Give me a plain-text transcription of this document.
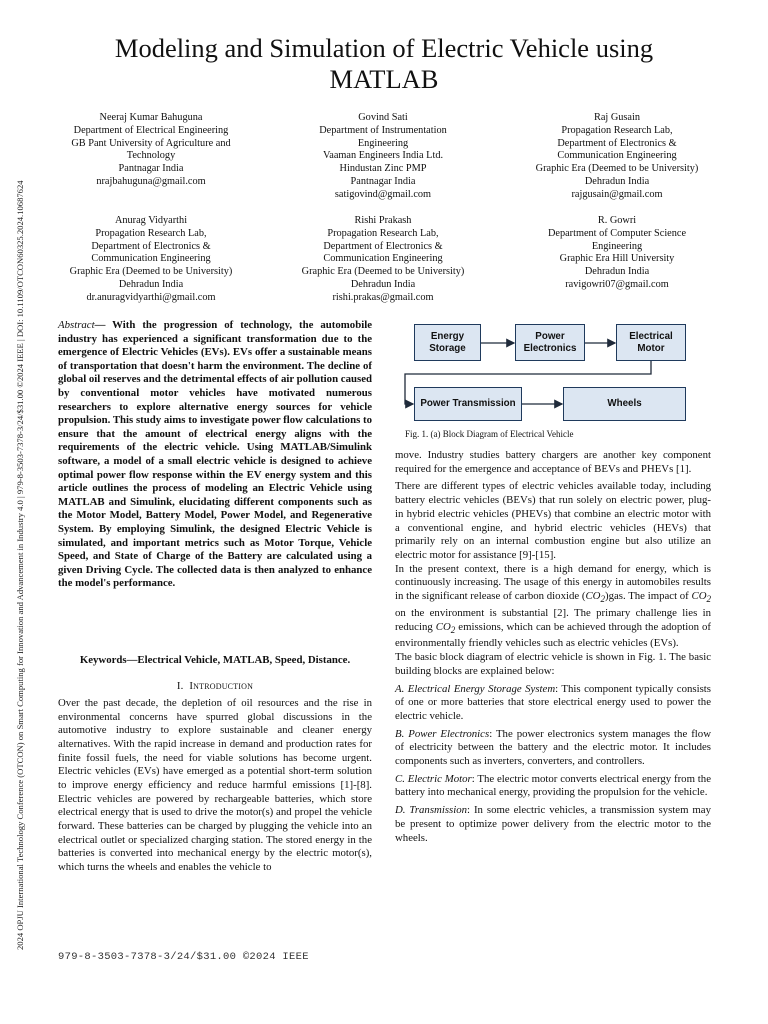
2024 OPJU International Technology Conference (OTCON) on Smart Computing for Innovation and Advancement in Industry 4.0 | 979-8-3503-7378-3/24/$31.00 ©2024 IEEE | DOI: 10.1109/OTCON60325.2024.10687624
Modeling and Simulation of Electric Vehicle using MATLAB
Neeraj Kumar Bahuguna
Department of Electrical Engineering
GB Pant University of Agriculture and
Technology
Pantnagar India
nrajbahuguna@gmail.com
Govind Sati
Department of Instrumentation
Engineering
Vaaman Engineers India Ltd.
Hindustan Zinc PMP
Pantnagar India
satigovind@gmail.com
Raj Gusain
Propagation Research Lab,
Department of Electronics &
Communication Engineering
Graphic Era (Deemed to be University)
Dehradun India
rajgusain@gmail.com
Anurag Vidyarthi
Propagation Research Lab,
Department of Electronics &
Communication Engineering
Graphic Era (Deemed to be University)
Dehradun India
dr.anuragvidyarthi@gmail.com
Rishi Prakash
Propagation Research Lab,
Department of Electronics &
Communication Engineering
Graphic Era (Deemed to be University)
Dehradun India
rishi.prakas@gmail.com
R. Gowri
Department of Computer Science
Engineering
Graphic Era Hill University
Dehradun India
ravigowri07@gmail.com

Abstract— With the progression of technology, the automobile industry has experienced a significant transformation due to the emergence of Electric Vehicles (EVs). EVs offer a sustainable means of transportation that doesn't harm the environment. The decline of global oil reserves and the detrimental effects of air pollution caused by conventional motor vehicles have motivated numerous researchers to explore alternative energy sources for vehicle propulsion. This study aims to investigate power flow calculations to ensure that the amount of electrical energy aligns with the requirements of the electric vehicle. Using MATLAB/Simulink software, a model of a small electric vehicle is designed to achieve optimal power flow response within the EV energy system and this article outlines the process of modeling an Electric Vehicle using MATLAB and Simulink, elucidating different components such as the Motor Model, Battery Model, Power Model, and Regenerative System. By employing Simulink, the designed Electric Vehicle is simulated, and important metrics such as Motor Torque, Vehicle Speed, and State of Charge of the Battery are calculated using a given Driving Cycle. The collected data is then analyzed to enhance the model's performance.

Keywords—Electrical Vehicle, MATLAB, Speed, Distance.

I. Introduction

Over the past decade, the depletion of oil resources and the rise in environmental concerns have spurred global discussions in the automotive industry to explore sustainable and cleaner energy alternatives. With the rapid increase in demand and production rates for finite fossil fuels, the need for viable solutions has become urgent. Electric vehicles (EVs) have emerged as a potential short-term solution to improve energy efficiency and reduce harmful emissions [1]-[8]. Electric vehicles are powered by rechargeable batteries, which store electrical energy that is used to drive the motor(s) and propel the vehicle forward. These batteries can be charged by plugging the vehicle into an electrical outlet or specialized charging station. The stored energy in the batteries is converted into mechanical energy by the electric motor(s), which turns the wheels and enables the vehicle to

Energy Storage
Power Electronics
Electrical Motor
Power Transmission	Wheels

Fig. 1. (a) Block Diagram of Electrical Vehicle

move. Industry studies battery chargers are another key component required for the emergence and acceptance of BEVs and PHEVs [1].

There are different types of electric vehicles available today, including battery electric vehicles (BEVs) that run solely on electric power, plug-in hybrid electric vehicles (PHEVs) that combine an electric motor with a conventional engine, and hybrid electric vehicles (HEVs) that primarily rely on an internal combustion engine but also utilize an electric motor for assistance [9]-[15].

In the present context, there is a high demand for energy, which is continuously increasing. The usage of this energy in automobiles results in the significant release of carbon dioxide $(CO_2)gas$. The impact of $CO_2$ on the environment is substantial [2]. The primary challenge lies in reducing $CO_2$ emissions, which can be achieved through the adoption of environmentally friendly vehicles such as electric vehicles (EVs).

The basic block diagram of electric vehicle is shown in Fig. 1. The basic building blocks are explained below:

A. Electrical Energy Storage System: This component typically consists of one or more batteries that store electrical energy used to power the electric vehicle.

B. Power Electronics: The power electronics system manages the flow of electricity between the battery and the electric motor. It includes components such as inverters, converters, and controllers.

C. Electric Motor: The electric motor converts electrical energy from the battery into mechanical energy, providing the propulsion for the vehicle.

D. Transmission: In some electric vehicles, a transmission system may be present to optimize power delivery from the electric motor to the wheels.

979-8-3503-7378-3/24/$31.00 ©2024 IEEE
